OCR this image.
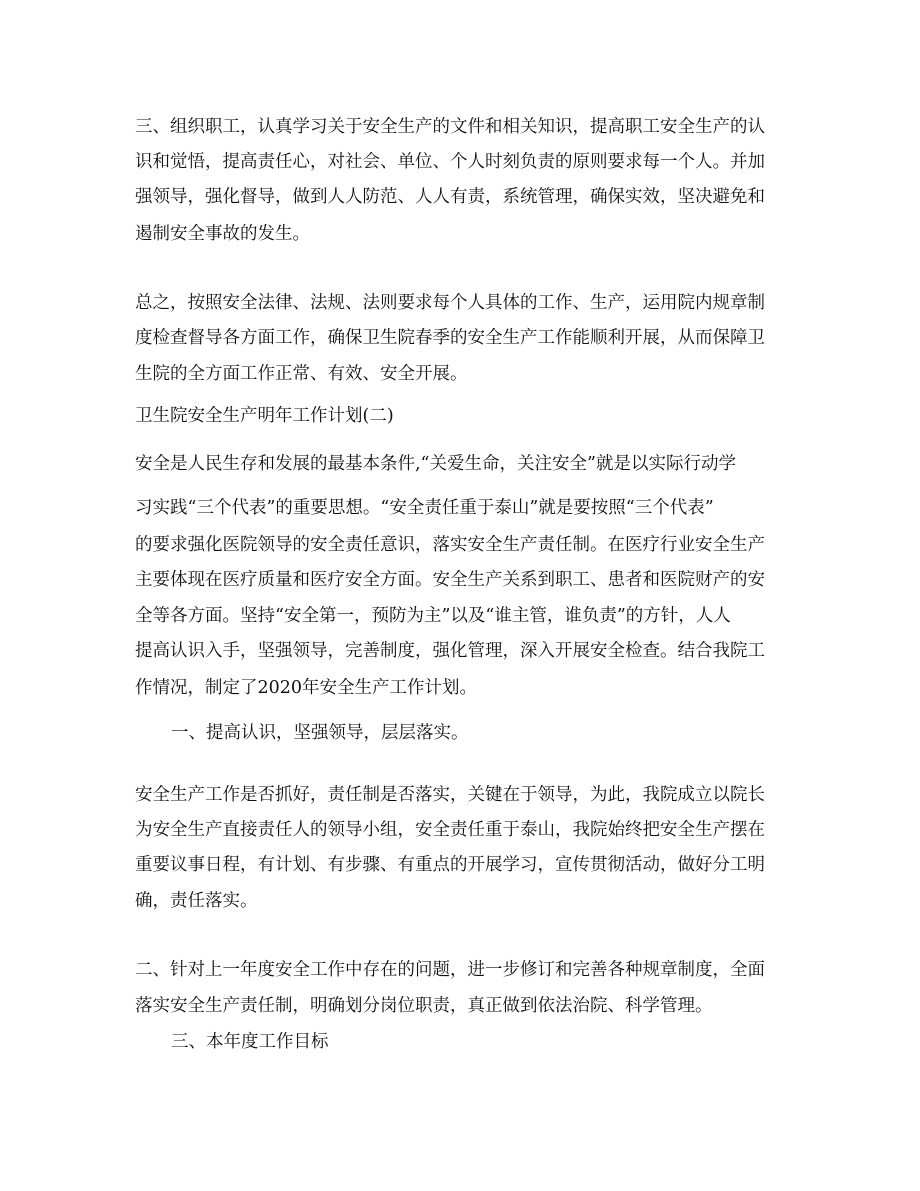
三、组织职工，认真学习关于安全生产的文件和相关知识，提高职工安全生产的认
识和觉悟，提高责任心，对社会、单位、个人时刻负责的原则要求每一个人。并加
强领导，强化督导，做到人人防范、人人有责，系统管理，确保实效，坚决避免和
遏制安全事故的发生。
总之，按照安全法律、法规、法则要求每个人具体的工作、生产，运用院内规章制
度检查督导各方面工作，确保卫生院春季的安全生产工作能顺利开展，从而保障卫
生院的全方面工作正常、有效、安全开展。
卫生院安全生产明年工作计划(二)
安全是人民生存和发展的最基本条件,“关爱生命，关注安全”就是以实际行动学
习实践“三个代表”的重要思想。“安全责任重于泰山”就是要按照“三个代表”
的要求强化医院领导的安全责任意识，落实安全生产责任制。在医疗行业安全生产
主要体现在医疗质量和医疗安全方面。安全生产关系到职工、患者和医院财产的安
全等各方面。坚持“安全第一，预防为主”以及“谁主管，谁负责”的方针，人人
提高认识入手，坚强领导，完善制度，强化管理，深入开展安全检查。结合我院工
作情况，制定了2020年安全生产工作计划。
一、提高认识，坚强领导，层层落实。
安全生产工作是否抓好，责任制是否落实，关键在于领导，为此，我院成立以院长
为安全生产直接责任人的领导小组，安全责任重于泰山，我院始终把安全生产摆在
重要议事日程，有计划、有步骤、有重点的开展学习，宣传贯彻活动，做好分工明
确，责任落实。
二、针对上一年度安全工作中存在的问题，进一步修订和完善各种规章制度，全面
落实安全生产责任制，明确划分岗位职责，真正做到依法治院、科学管理。
三、本年度工作目标
